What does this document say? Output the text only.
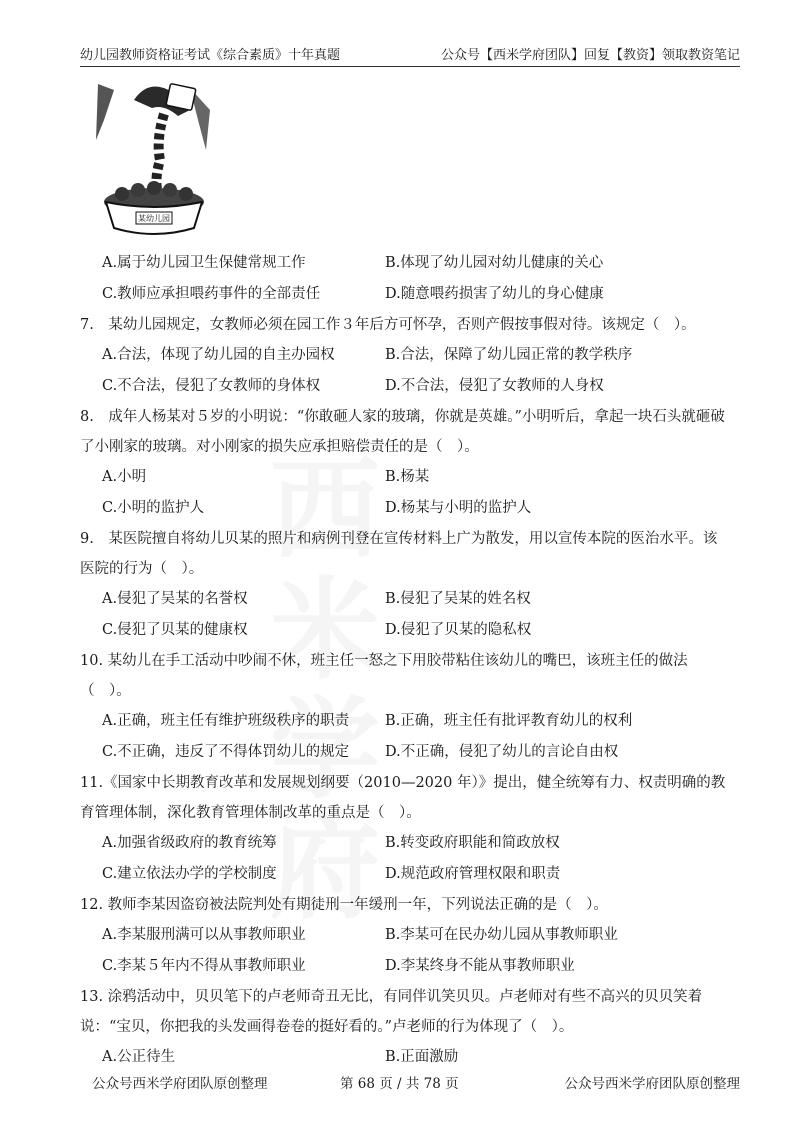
幼儿园教师资格证考试《综合素质》十年真题	公众号【西米学府团队】回复【教资】领取教资笔记
某幼儿园
A.属于幼儿园卫生保健常规工作	B.体现了幼儿园对幼儿健康的关心
C.教师应承担喂药事件的全部责任	D.随意喂药损害了幼儿的身心健康

7.　某幼儿园规定，女教师必须在园工作３年后方可怀孕，否则产假按事假对待。该规定（　）。

A.合法，体现了幼儿园的自主办园权	B.合法，保障了幼儿园正常的教学秩序
C.不合法，侵犯了女教师的身体权	D.不合法，侵犯了女教师的人身权

8.　成年人杨某对５岁的小明说：“你敢砸人家的玻璃，你就是英雄。”小明听后，拿起一块石头就砸破了小刚家的玻璃。对小刚家的损失应承担赔偿责任的是（　）。

A.小明	B.杨某
C.小明的监护人	D.杨某与小明的监护人

9.　某医院擅自将幼儿贝某的照片和病例刊登在宣传材料上广为散发，用以宣传本院的医治水平。该医院的行为（　）。

A.侵犯了吴某的名誉权	B.侵犯了吴某的姓名权
C.侵犯了贝某的健康权	D.侵犯了贝某的隐私权

10. 某幼儿在手工活动中吵闹不休，班主任一怒之下用胶带粘住该幼儿的嘴巴，该班主任的做法（　）。

A.正确，班主任有维护班级秩序的职责	B.正确，班主任有批评教育幼儿的权利
C.不正确，违反了不得体罚幼儿的规定	D.不正确，侵犯了幼儿的言论自由权

11.《国家中长期教育改革和发展规划纲要（2010—2020 年）》提出，健全统筹有力、权责明确的教育管理体制，深化教育管理体制改革的重点是（　）。

A.加强省级政府的教育统筹	B.转变政府职能和简政放权
C.建立依法办学的学校制度	D.规范政府管理权限和职责

12. 教师李某因盗窃被法院判处有期徒刑一年缓刑一年，下列说法正确的是（　）。

A.李某服刑满可以从事教师职业	B.李某可在民办幼儿园从事教师职业
C.李某５年内不得从事教师职业	D.李某终身不能从事教师职业

13. 涂鸦活动中，贝贝笔下的卢老师奇丑无比，有同伴讥笑贝贝。卢老师对有些不高兴的贝贝笑着说：“宝贝，你把我的头发画得卷卷的挺好看的。”卢老师的行为体现了（　）。

A.公正待生	B.正面激励
公众号西米学府团队原创整理	第 68 页 / 共 78 页	公众号西米学府团队原创整理
